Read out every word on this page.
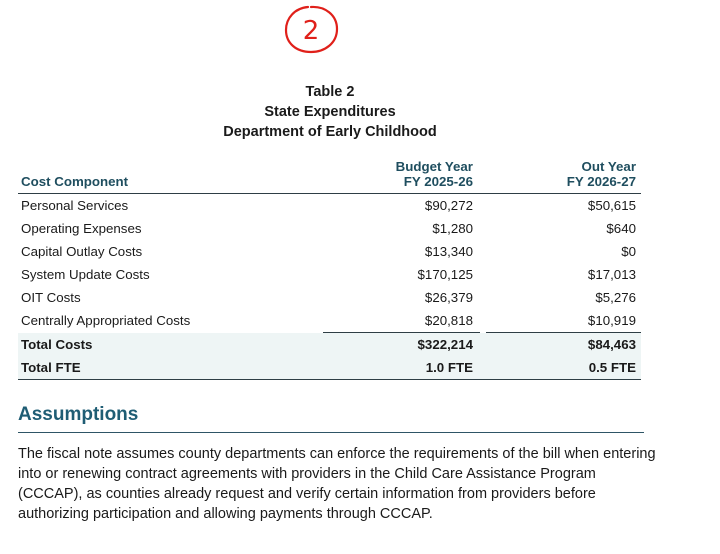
2
Table 2
State Expenditures
Department of Early Childhood
	Budget Year		Out Year
Cost Component	FY 2025-26		FY 2026-27
Personal Services	$90,272		$50,615
Operating Expenses	$1,280		$640
Capital Outlay Costs	$13,340		$0
System Update Costs	$170,125		$17,013
OIT Costs	$26,379		$5,276
Centrally Appropriated Costs	$20,818		$10,919
Total Costs	$322,214		$84,463
Total FTE	1.0 FTE		0.5 FTE
Assumptions
The fiscal note assumes county departments can enforce the requirements of the bill when entering into or renewing contract agreements with providers in the Child Care Assistance Program (CCCAP), as counties already request and verify certain information from providers before authorizing participation and allowing payments through CCCAP.
